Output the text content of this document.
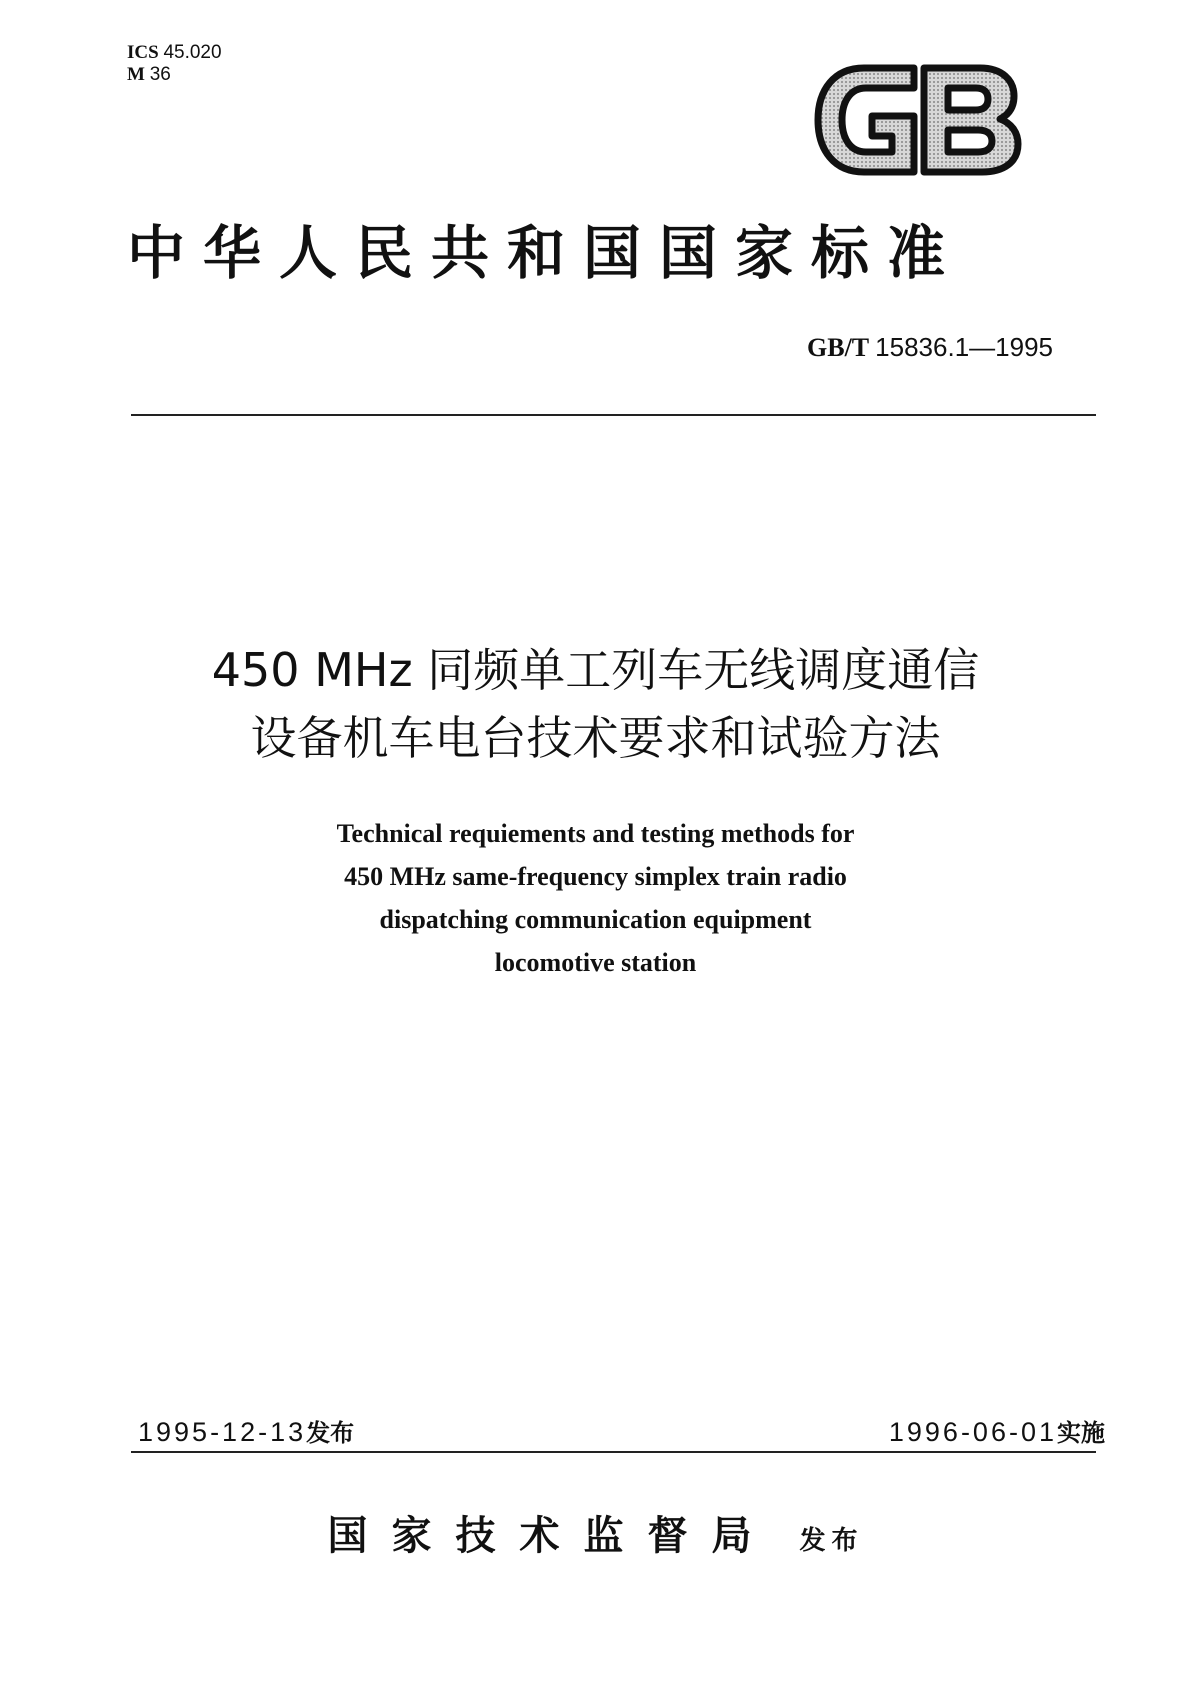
ICS 45.020
M 36
中华人民共和国国家标准
GB/T 15836.1—1995
450 MHz 同频单工列车无线调度通信
设备机车电台技术要求和试验方法
Technical requiements and testing methods for
450 MHz same-frequency simplex train radio
dispatching communication equipment
locomotive station
1995-12-13发布	1996-06-01实施
国家技术监督局 发布
